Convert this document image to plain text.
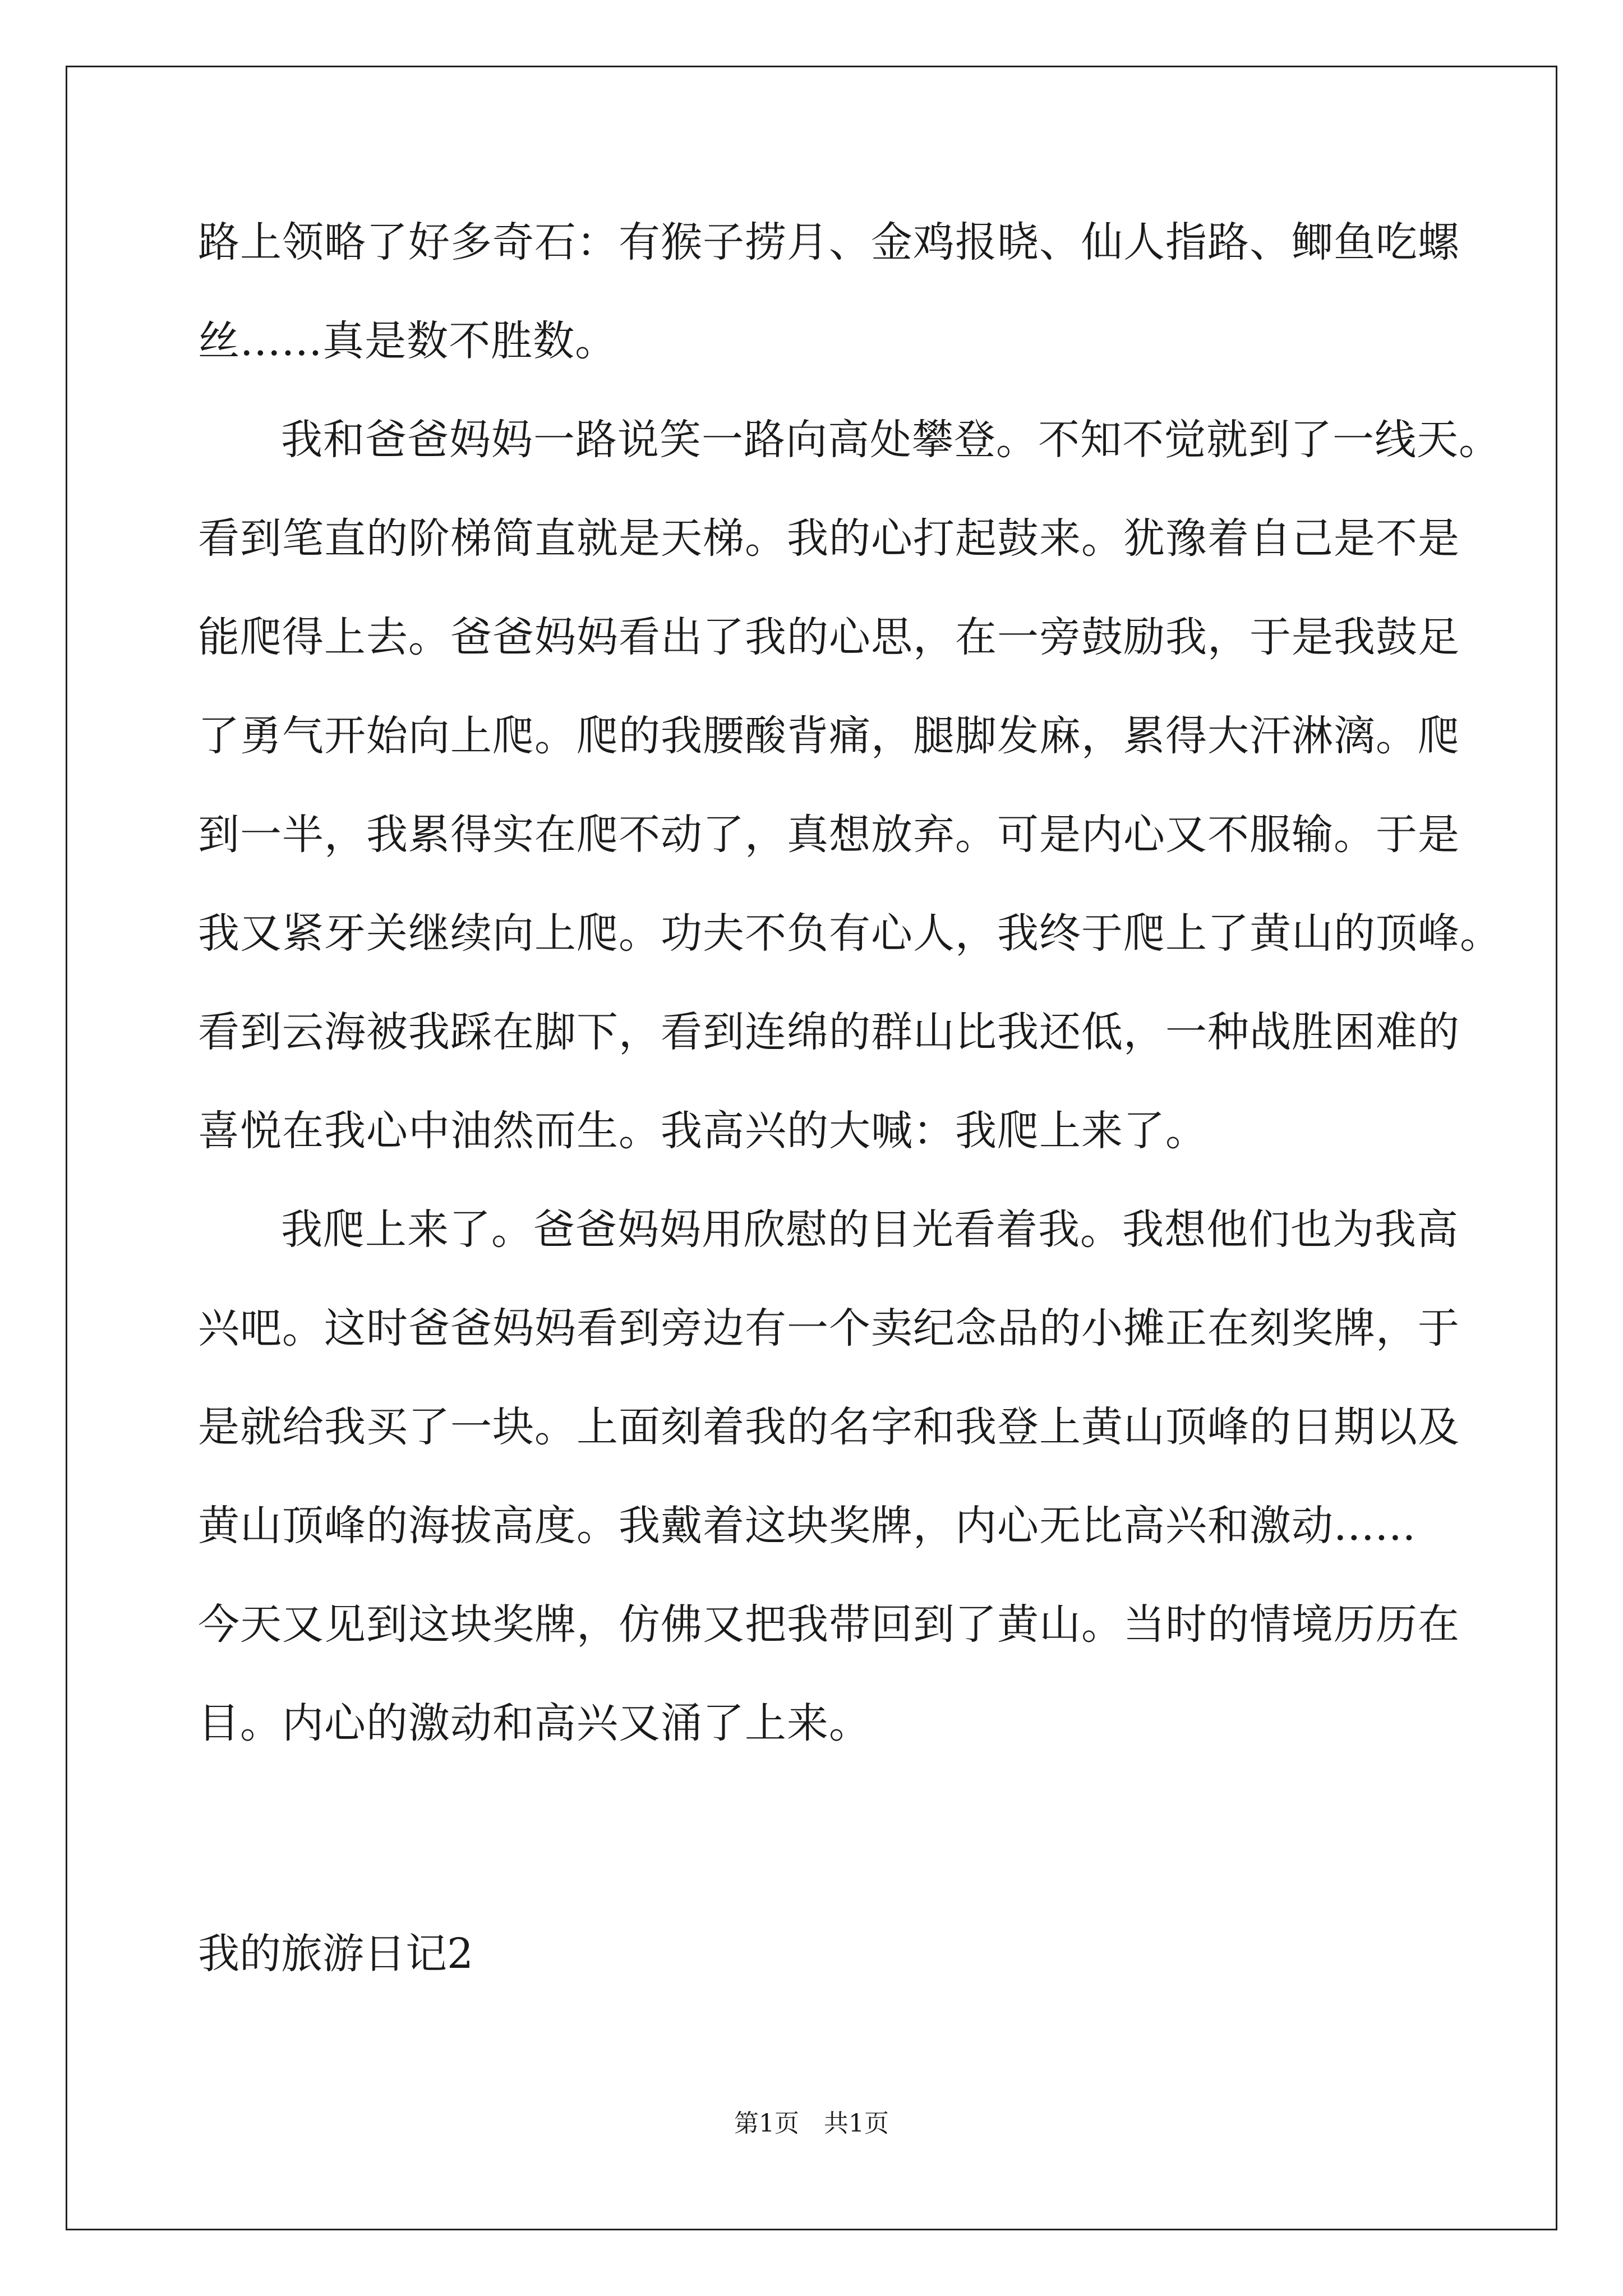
路上领略了好多奇石：有猴子捞月、金鸡报晓、仙人指路、鲫鱼吃螺

丝......真是数不胜数。

我和爸爸妈妈一路说笑一路向高处攀登。不知不觉就到了一线天。

看到笔直的阶梯简直就是天梯。我的心打起鼓来。犹豫着自己是不是

能爬得上去。爸爸妈妈看出了我的心思，在一旁鼓励我，于是我鼓足

了勇气开始向上爬。爬的我腰酸背痛，腿脚发麻，累得大汗淋漓。爬

到一半，我累得实在爬不动了，真想放弃。可是内心又不服输。于是

我又紧牙关继续向上爬。功夫不负有心人，我终于爬上了黄山的顶峰。

看到云海被我踩在脚下，看到连绵的群山比我还低，一种战胜困难的

喜悦在我心中油然而生。我高兴的大喊：我爬上来了。

我爬上来了。爸爸妈妈用欣慰的目光看着我。我想他们也为我高

兴吧。这时爸爸妈妈看到旁边有一个卖纪念品的小摊正在刻奖牌，于

是就给我买了一块。上面刻着我的名字和我登上黄山顶峰的日期以及

黄山顶峰的海拔高度。我戴着这块奖牌，内心无比高兴和激动......

今天又见到这块奖牌，仿佛又把我带回到了黄山。当时的情境历历在

目。内心的激动和高兴又涌了上来。

我的旅游日记2
第1页 共1页
